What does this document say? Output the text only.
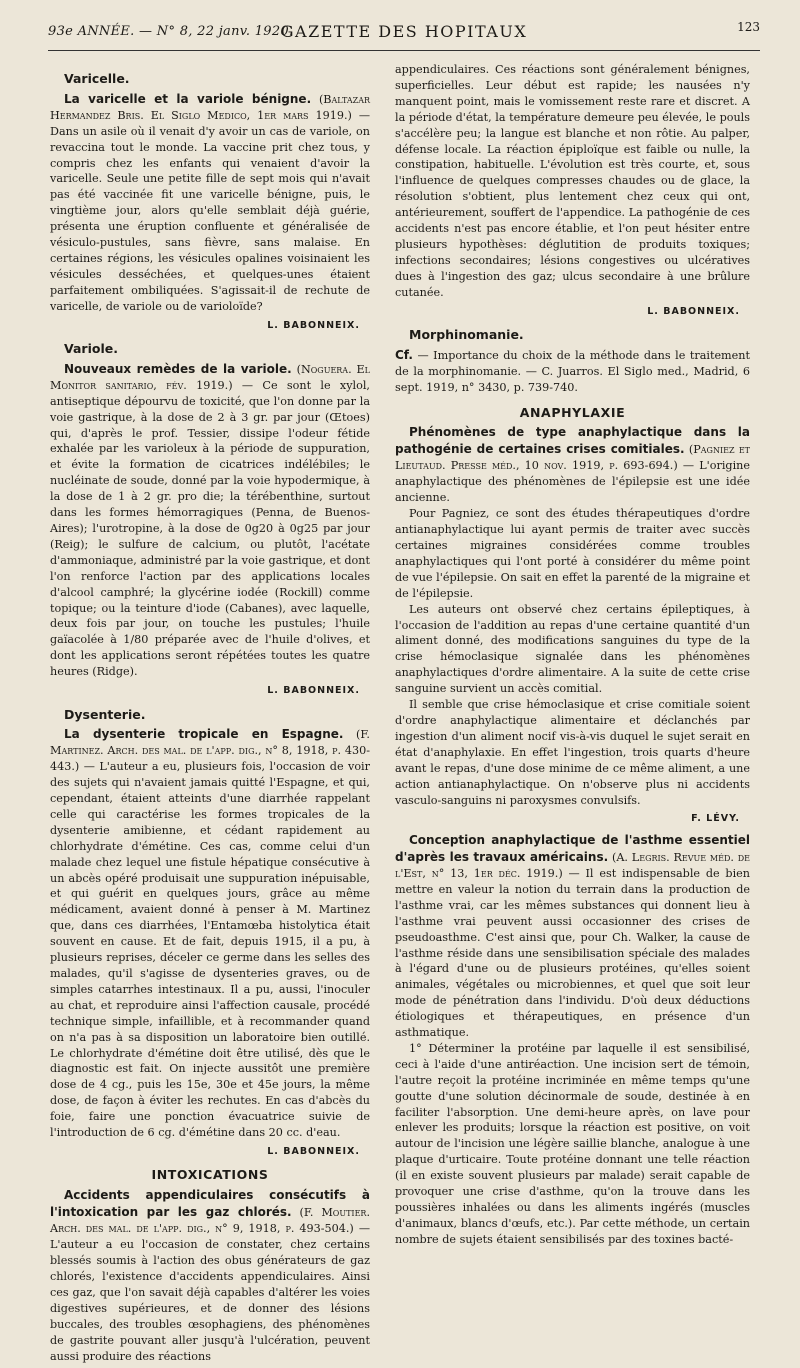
93e ANNÉE. — N° 8, 22 janv. 1920.
GAZETTE DES HOPITAUX	123
Varicelle.

La varicelle et la variole bénigne. (Baltazar Hermandez Bris. El Siglo Medico, 1er mars 1919.) — Dans un asile où il venait d'y avoir un cas de variole, on revaccina tout le monde. La vaccine prit chez tous, y compris chez les enfants qui venaient d'avoir la varicelle. Seule une petite fille de sept mois qui n'avait pas été vaccinée fit une varicelle bénigne, puis, le vingtième jour, alors qu'elle semblait déjà guérie, présenta une éruption confluente et généralisée de vésiculo-pustules, sans fièvre, sans malaise. En certaines régions, les vésicules opalines voisinaient les vésicules desséchées, et quelques-unes étaient parfaitement ombiliquées. S'agissait-il de rechute de varicelle, de variole ou de varioloïde?

L. BABONNEIX.
Variole.

Nouveaux remèdes de la variole. (Noguera. El Monitor sanitario, fév. 1919.) — Ce sont le xylol, antiseptique dépourvu de toxicité, que l'on donne par la voie gastrique, à la dose de 2 à 3 gr. par jour (Œtoes) qui, d'après le prof. Tessier, dissipe l'odeur fétide exhalée par les varioleux à la période de suppuration, et évite la formation de cicatrices indélébiles; le nucléinate de soude, donné par la voie hypodermique, à la dose de 1 à 2 gr. pro die; la térébenthine, surtout dans les formes hémorragiques (Penna, de Buenos-Aires); l'urotropine, à la dose de 0g20 à 0g25 par jour (Reig); le sulfure de calcium, ou plutôt, l'acétate d'ammoniaque, administré par la voie gastrique, et dont l'on renforce l'action par des applications locales d'alcool camphré; la glycérine iodée (Rockill) comme topique; ou la teinture d'iode (Cabanes), avec laquelle, deux fois par jour, on touche les pustules; l'huile gaïacolée à 1/80 préparée avec de l'huile d'olives, et dont les applications seront répétées toutes les quatre heures (Ridge).

L. BABONNEIX.
Dysenterie.

La dysenterie tropicale en Espagne. (F. Martinez. Arch. des mal. de l'app. dig., n° 8, 1918, p. 430-443.) — L'auteur a eu, plusieurs fois, l'occasion de voir des sujets qui n'avaient jamais quitté l'Espagne, et qui, cependant, étaient atteints d'une diarrhée rappelant celle qui caractérise les formes tropicales de la dysenterie amibienne, et cédant rapidement au chlorhydrate d'émétine. Ces cas, comme celui d'un malade chez lequel une fistule hépatique consécutive à un abcès opéré produisait une suppuration inépuisable, et qui guérit en quelques jours, grâce au même médicament, avaient donné à penser à M. Martinez que, dans ces diarrhées, l'Entamœba histolytica était souvent en cause. Et de fait, depuis 1915, il a pu, à plusieurs reprises, déceler ce germe dans les selles des malades, qu'il s'agisse de dysenteries graves, ou de simples catarrhes intestinaux. Il a pu, aussi, l'inoculer au chat, et reproduire ainsi l'affection causale, procédé technique simple, infaillible, et à recommander quand on n'a pas à sa disposition un laboratoire bien outillé. Le chlorhydrate d'émétine doit être utilisé, dès que le diagnostic est fait. On injecte aussitôt une première dose de 4 cg., puis les 15e, 30e et 45e jours, la même dose, de façon à éviter les rechutes. En cas d'abcès du foie, faire une ponction évacuatrice suivie de l'introduction de 6 cg. d'émétine dans 20 cc. d'eau.

L. BABONNEIX.
INTOXICATIONS

Accidents appendiculaires consécutifs à l'intoxication par les gaz chlorés. (F. Moutier. Arch. des mal. de l'app. dig., n° 9, 1918, p. 493-504.) — L'auteur a eu l'occasion de constater, chez certains blessés soumis à l'action des obus générateurs de gaz chlorés, l'existence d'accidents appendiculaires. Ainsi ces gaz, que l'on savait déjà capables d'altérer les voies digestives supérieures, et de donner des lésions buccales, des troubles œsophagiens, des phénomènes de gastrite pouvant aller jusqu'à l'ulcération, peuvent aussi produire des réactions

appendiculaires. Ces réactions sont généralement bénignes, superficielles. Leur début est rapide; les nausées n'y manquent point, mais le vomissement reste rare et discret. A la période d'état, la température demeure peu élevée, le pouls s'accélère peu; la langue est blanche et non rôtie. Au palper, défense locale. La réaction épiploïque est faible ou nulle, la constipation, habituelle. L'évolution est très courte, et, sous l'influence de quelques compresses chaudes ou de glace, la résolution s'obtient, plus lentement chez ceux qui ont, antérieurement, souffert de l'appendice. La pathogénie de ces accidents n'est pas encore établie, et l'on peut hésiter entre plusieurs hypothèses: déglutition de produits toxiques; infections secondaires; lésions congestives ou ulcératives dues à l'ingestion des gaz; ulcus secondaire à une brûlure cutanée.

L. BABONNEIX.
Morphinomanie.
Cf. — Importance du choix de la méthode dans le traitement de la morphinomanie. — C. Juarros. El Siglo med., Madrid, 6 sept. 1919, n° 3430, p. 739-740.
ANAPHYLAXIE

Phénomènes de type anaphylactique dans la pathogénie de certaines crises comitiales. (Pagniez et Lieutaud. Presse méd., 10 nov. 1919, p. 693-694.) — L'origine anaphylactique des phénomènes de l'épilepsie est une idée ancienne.

Pour Pagniez, ce sont des études thérapeutiques d'ordre antianaphylactique lui ayant permis de traiter avec succès certaines migraines considérées comme troubles anaphylactiques qui l'ont porté à considérer du même point de vue l'épilepsie. On sait en effet la parenté de la migraine et de l'épilepsie.

Les auteurs ont observé chez certains épileptiques, à l'occasion de l'addition au repas d'une certaine quantité d'un aliment donné, des modifications sanguines du type de la crise hémoclasique signalée dans les phénomènes anaphylactiques d'ordre alimentaire. A la suite de cette crise sanguine survient un accès comitial.

Il semble que crise hémoclasique et crise comitiale soient d'ordre anaphylactique alimentaire et déclanchés par ingestion d'un aliment nocif vis-à-vis duquel le sujet serait en état d'anaphylaxie. En effet l'ingestion, trois quarts d'heure avant le repas, d'une dose minime de ce même aliment, a une action antianaphylactique. On n'observe plus ni accidents vasculo-sanguins ni paroxysmes convulsifs.

F. LÉVY.

Conception anaphylactique de l'asthme essentiel d'après les travaux américains. (A. Legris. Revue méd. de l'Est, n° 13, 1er déc. 1919.) — Il est indispensable de bien mettre en valeur la notion du terrain dans la production de l'asthme vrai, car les mêmes substances qui donnent lieu à l'asthme vrai peuvent aussi occasionner des crises de pseudoasthme. C'est ainsi que, pour Ch. Walker, la cause de l'asthme réside dans une sensibilisation spéciale des malades à l'égard d'une ou de plusieurs protéines, qu'elles soient animales, végétales ou microbiennes, et quel que soit leur mode de pénétration dans l'individu. D'où deux déductions étiologiques et thérapeutiques, en présence d'un asthmatique.

1° Déterminer la protéine par laquelle il est sensibilisé, ceci à l'aide d'une antiréaction. Une incision sert de témoin, l'autre reçoit la protéine incriminée en même temps qu'une goutte d'une solution décinormale de soude, destinée à en faciliter l'absorption. Une demi-heure après, on lave pour enlever les produits; lorsque la réaction est positive, on voit autour de l'incision une légère saillie blanche, analogue à une plaque d'urticaire. Toute protéine donnant une telle réaction (il en existe souvent plusieurs par malade) serait capable de provoquer une crise d'asthme, qu'on la trouve dans les poussières inhalées ou dans les aliments ingérés (muscles d'animaux, blancs d'œufs, etc.). Par cette méthode, un certain nombre de sujets étaient sensibilisés par des toxines bacté-
